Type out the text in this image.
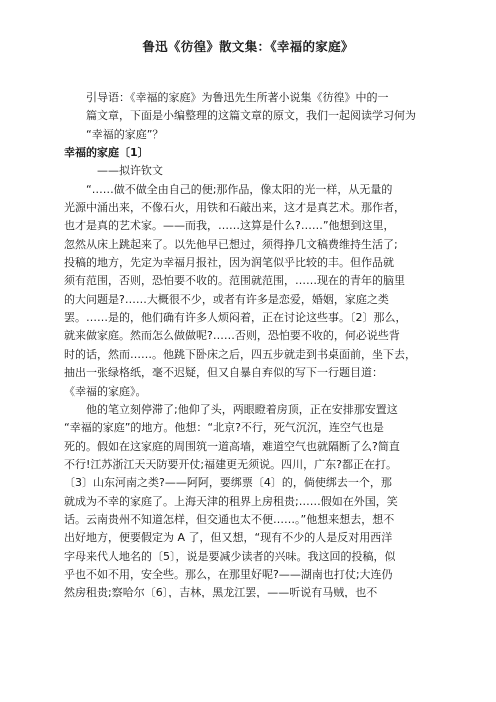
鲁迅《彷徨》散文集：《幸福的家庭》

引导语：《幸福的家庭》为鲁迅先生所著小说集《彷徨》中的一
篇文章，下面是小编整理的这篇文章的原文，我们一起阅读学习何为
“幸福的家庭”？

幸福的家庭〔1〕

——拟许钦文

“……做不做全由自己的便;那作品，像太阳的光一样，从无量的
光源中涌出来，不像石火，用铁和石敲出来，这才是真艺术。那作者，
也才是真的艺术家。——而我，……这算是什么?……”他想到这里，
忽然从床上跳起来了。以先他早已想过，须得挣几文稿费维持生活了;
投稿的地方，先定为幸福月报社，因为润笔似乎比较的丰。但作品就
须有范围，否则，恐怕要不收的。范围就范围，……现在的青年的脑里
的大问题是?……大概很不少，或者有许多是恋爱，婚姻，家庭之类
罢。……是的，他们确有许多人烦闷着，正在讨论这些事。〔2〕那么，
就来做家庭。然而怎么做做呢?……否则，恐怕要不收的，何必说些背
时的话，然而……。他跳下卧床之后，四五步就走到书桌面前，坐下去，
抽出一张绿格纸，毫不迟疑，但又自暴自弃似的写下一行题目道：
《幸福的家庭》。

他的笔立刻停滞了;他仰了头，两眼瞪着房顶，正在安排那安置这
“幸福的家庭”的地方。他想：“北京?不行，死气沉沉，连空气也是
死的。假如在这家庭的周围筑一道高墙，难道空气也就隔断了么?简直
不行!江苏浙江天天防要开仗;福建更无须说。四川，广东?都正在打。
〔3〕山东河南之类?——阿阿，要绑票〔4〕的，倘使绑去一个，那
就成为不幸的家庭了。上海天津的租界上房租贵;……假如在外国，笑
话。云南贵州不知道怎样，但交通也太不便……。”他想来想去，想不
出好地方，便要假定为 A 了，但又想，“现有不少的人是反对用西洋
字母来代人地名的〔5〕，说是要减少读者的兴味。我这回的投稿，似
乎也不如不用，安全些。那么，在那里好呢?——湖南也打仗;大连仍
然房租贵;察哈尔〔6〕，吉林，黑龙江罢，——听说有马贼，也不
